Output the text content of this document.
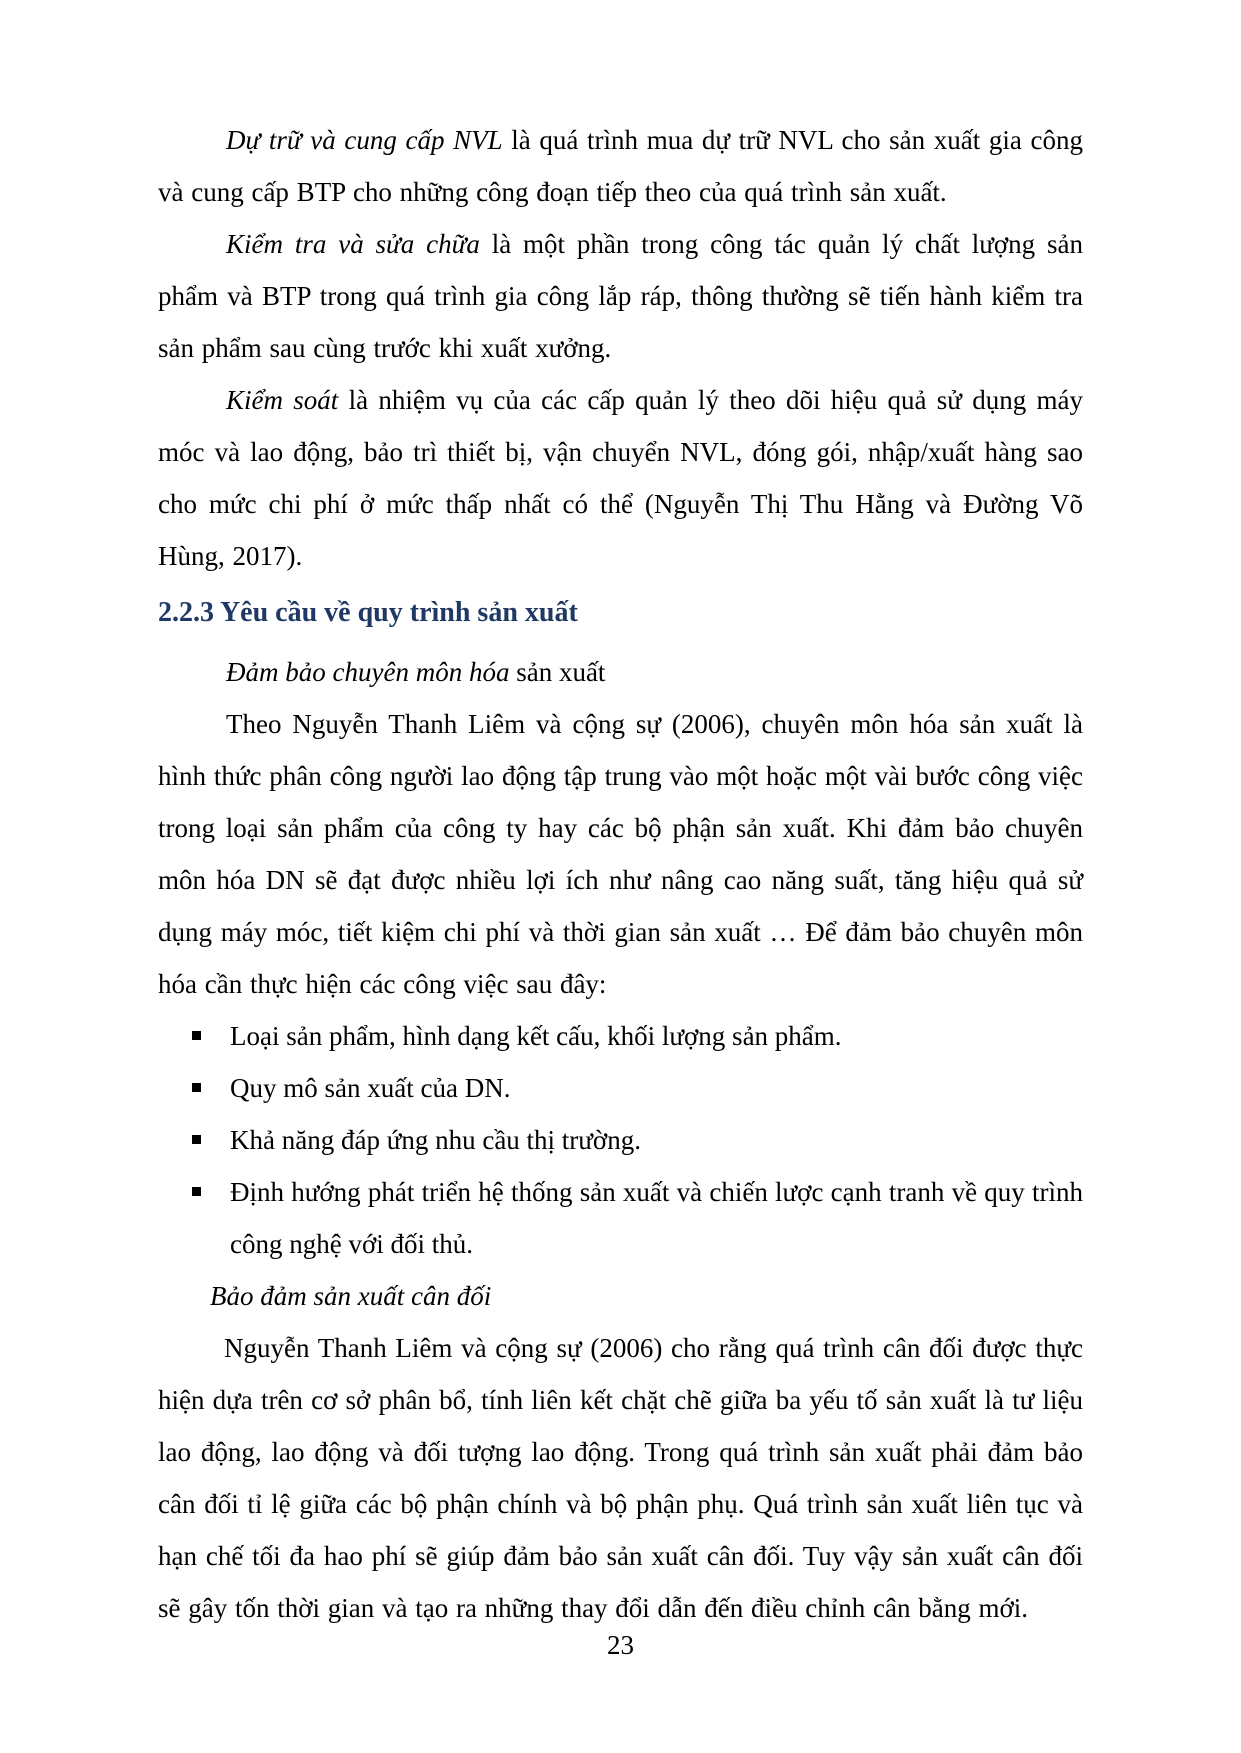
Dự trữ và cung cấp NVL là quá trình mua dự trữ NVL cho sản xuất gia công và cung cấp BTP cho những công đoạn tiếp theo của quá trình sản xuất.

Kiểm tra và sửa chữa là một phần trong công tác quản lý chất lượng sản phẩm và BTP trong quá trình gia công lắp ráp, thông thường sẽ tiến hành kiểm tra sản phẩm sau cùng trước khi xuất xưởng.

Kiểm soát là nhiệm vụ của các cấp quản lý theo dõi hiệu quả sử dụng máy móc và lao động, bảo trì thiết bị, vận chuyển NVL, đóng gói, nhập/xuất hàng sao cho mức chi phí ở mức thấp nhất có thể (Nguyễn Thị Thu Hằng và Đường Võ Hùng, 2017).

2.2.3 Yêu cầu về quy trình sản xuất

Đảm bảo chuyên môn hóa sản xuất

Theo Nguyễn Thanh Liêm và cộng sự (2006), chuyên môn hóa sản xuất là hình thức phân công người lao động tập trung vào một hoặc một vài bước công việc trong loại sản phẩm của công ty hay các bộ phận sản xuất. Khi đảm bảo chuyên môn hóa DN sẽ đạt được nhiều lợi ích như nâng cao năng suất, tăng hiệu quả sử dụng máy móc, tiết kiệm chi phí và thời gian sản xuất … Để đảm bảo chuyên môn hóa cần thực hiện các công việc sau đây:

Loại sản phẩm, hình dạng kết cấu, khối lượng sản phẩm.
Quy mô sản xuất của DN.
Khả năng đáp ứng nhu cầu thị trường.
Định hướng phát triển hệ thống sản xuất và chiến lược cạnh tranh về quy trình công nghệ với đối thủ.

Bảo đảm sản xuất cân đối

Nguyễn Thanh Liêm và cộng sự (2006) cho rằng quá trình cân đối được thực hiện dựa trên cơ sở phân bổ, tính liên kết chặt chẽ giữa ba yếu tố sản xuất là tư liệu lao động, lao động và đối tượng lao động. Trong quá trình sản xuất phải đảm bảo cân đối tỉ lệ giữa các bộ phận chính và bộ phận phụ. Quá trình sản xuất liên tục và hạn chế tối đa hao phí sẽ giúp đảm bảo sản xuất cân đối. Tuy vậy sản xuất cân đối sẽ gây tốn thời gian và tạo ra những thay đổi dẫn đến điều chỉnh cân bằng mới.

23
